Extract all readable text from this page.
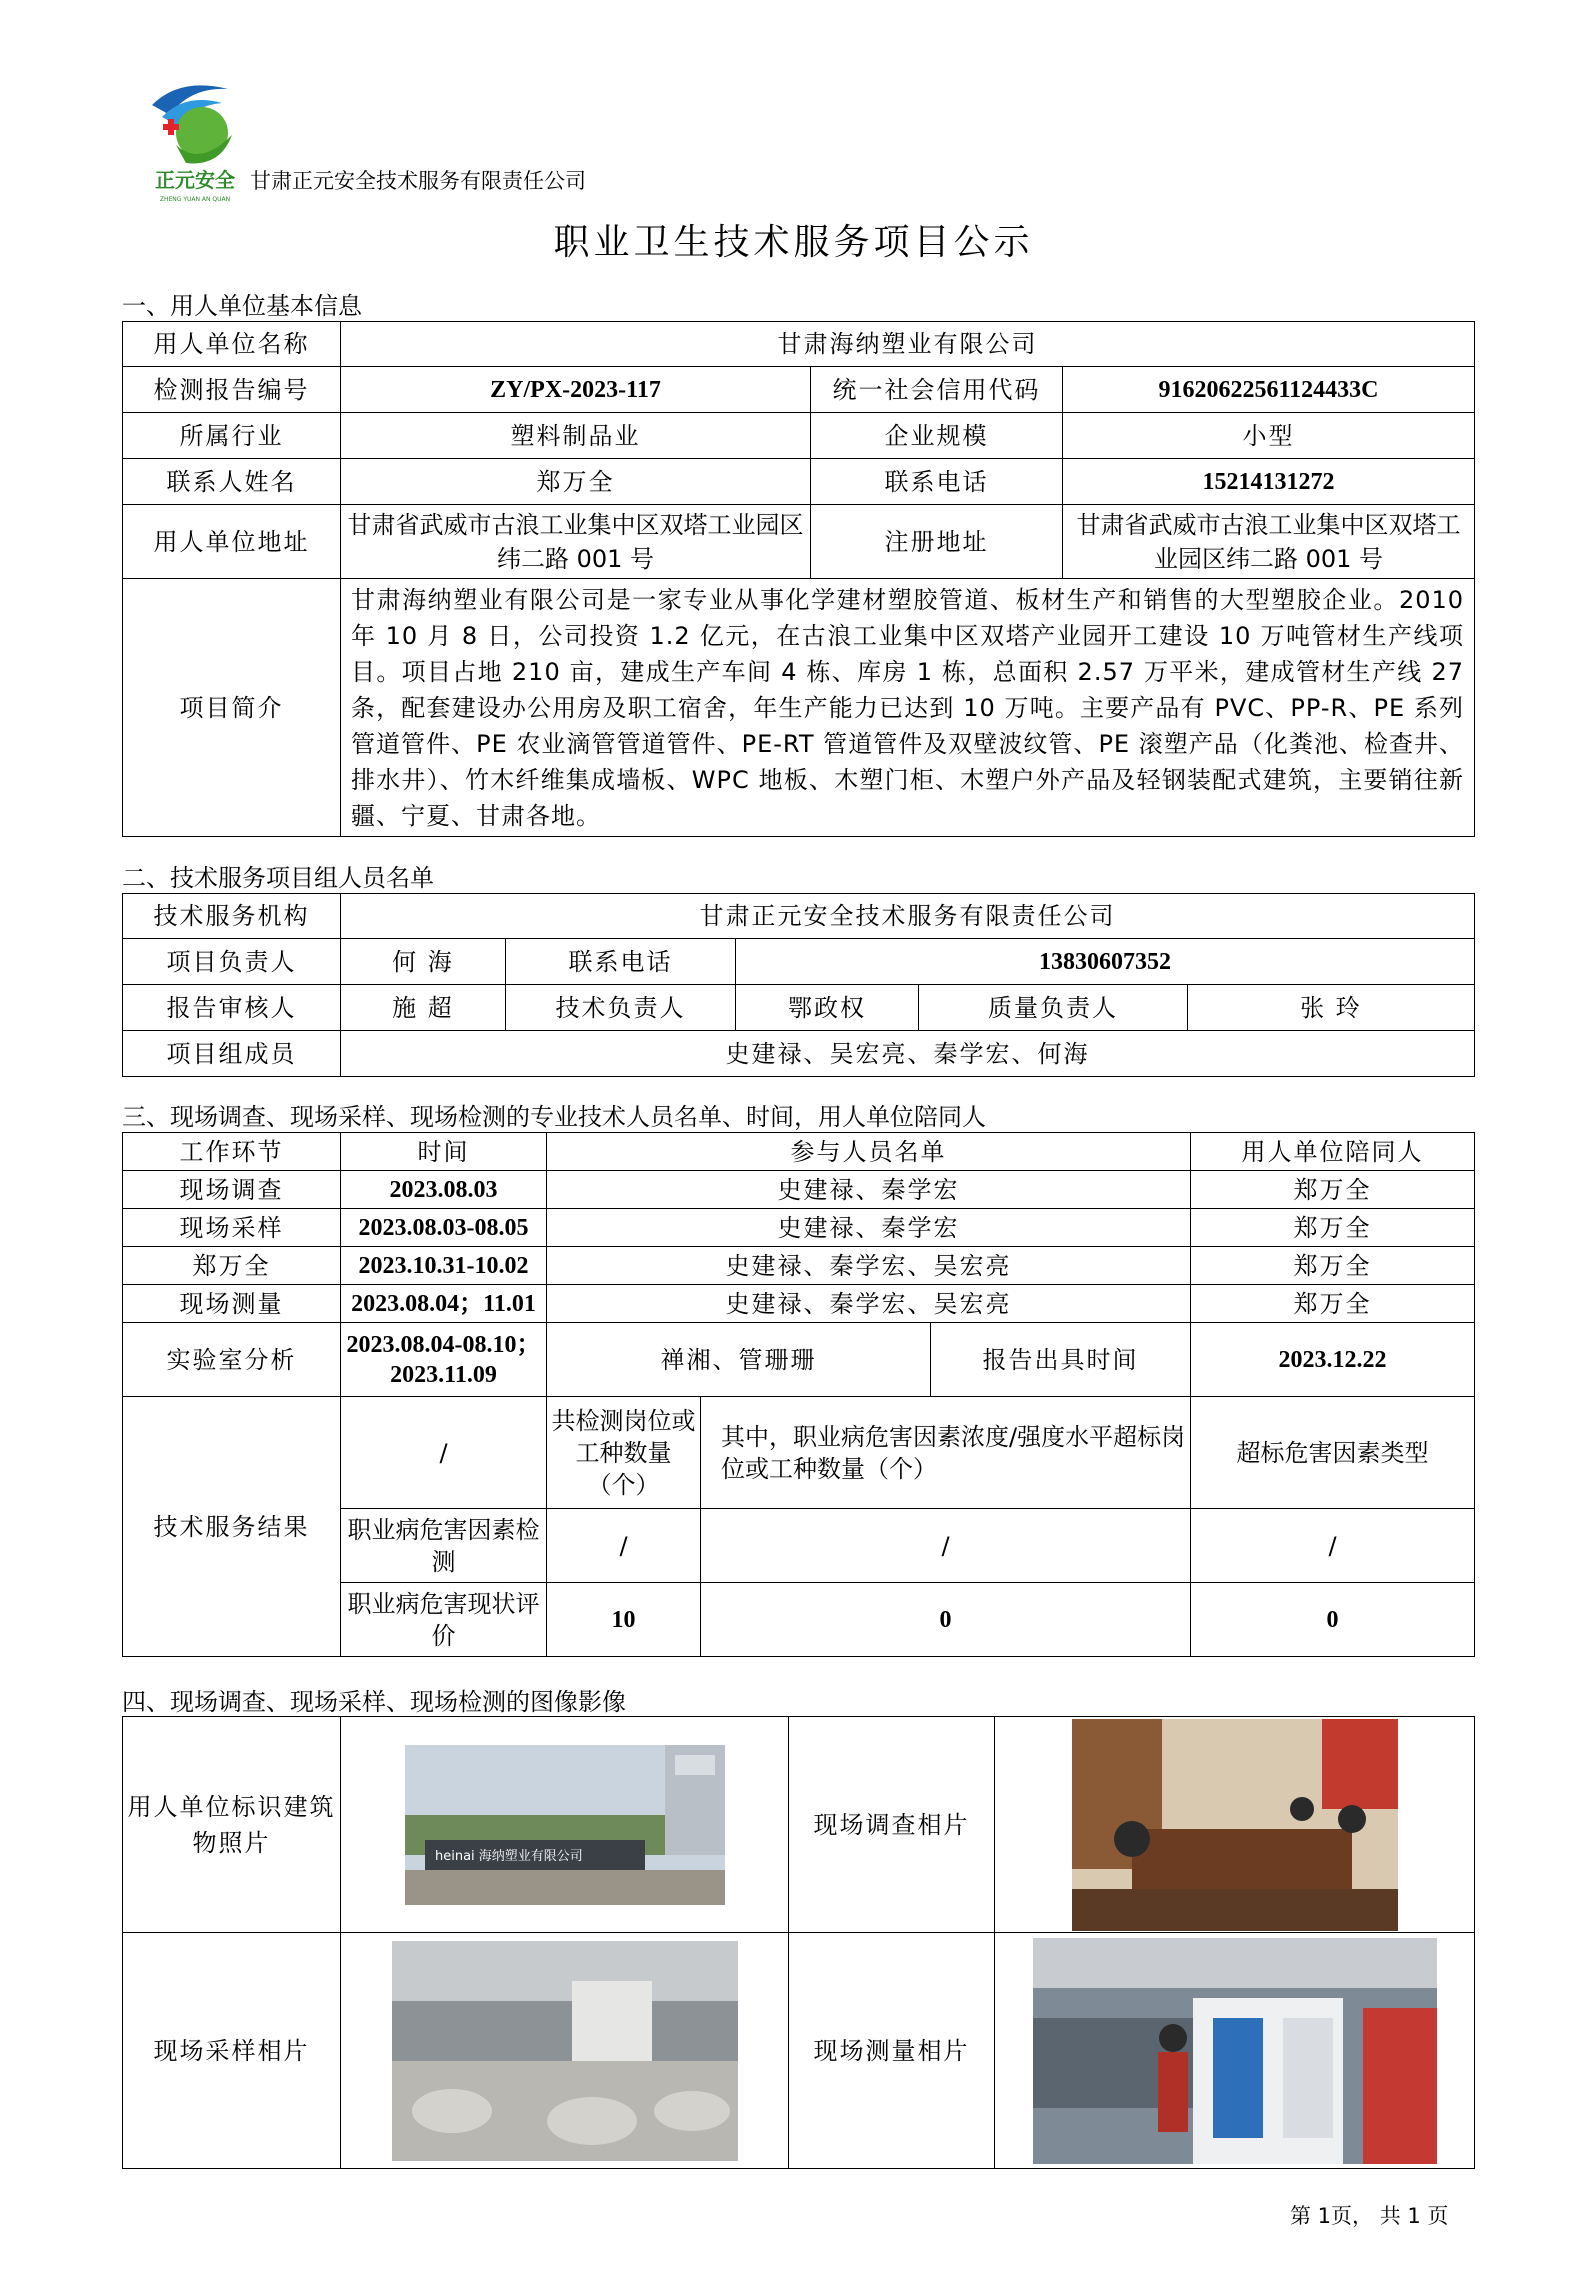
正元安全
ZHENG YUAN AN QUAN
甘肃正元安全技术服务有限责任公司
职业卫生技术服务项目公示
一、用人单位基本信息
用人单位名称	甘肃海纳塑业有限公司		
检测报告编号	ZY/PX-2023-117	统一社会信用代码	91620622561124433C
所属行业	塑料制品业	企业规模	小型
联系人姓名	郑万全	联系电话	15214131272
用人单位地址	甘肃省武威市古浪工业集中区双塔工业园区纬二路 001 号	注册地址	甘肃省武威市古浪工业集中区双塔工业园区纬二路 001 号
项目简介	甘肃海纳塑业有限公司是一家专业从事化学建材塑胶管道、板材生产和销售的大型塑胶企业。2010 年 10 月 8 日，公司投资 1.2 亿元，在古浪工业集中区双塔产业园开工建设 10 万吨管材生产线项目。项目占地 210 亩，建成生产车间 4 栋、库房 1 栋，总面积 2.57 万平米，建成管材生产线 27 条，配套建设办公用房及职工宿舍，年生产能力已达到 10 万吨。主要产品有 PVC、PP-R、PE 系列管道管件、PE 农业滴管管道管件、PE-RT 管道管件及双壁波纹管、PE 滚塑产品（化粪池、检查井、排水井）、竹木纤维集成墙板、WPC 地板、木塑门柜、木塑户外产品及轻钢装配式建筑，主要销往新疆、宁夏、甘肃各地。		
二、技术服务项目组人员名单
技术服务机构	甘肃正元安全技术服务有限责任公司				
项目负责人	何 海	联系电话	13830607352		
报告审核人	施 超	技术负责人	鄂政权	质量负责人	张 玲
项目组成员	史建禄、吴宏亮、秦学宏、何海				
三、现场调查、现场采样、现场检测的专业技术人员名单、时间，用人单位陪同人
工作环节	时间	参与人员名单			用人单位陪同人
现场调查	2023.08.03	史建禄、秦学宏			郑万全
现场采样	2023.08.03-08.05	史建禄、秦学宏			郑万全
郑万全	2023.10.31-10.02	史建禄、秦学宏、吴宏亮			郑万全
现场测量	2023.08.04；11.01	史建禄、秦学宏、吴宏亮			郑万全
实验室分析	2023.08.04-08.10；
2023.11.09	禅湘、管珊珊		报告出具时间	2023.12.22
技术服务结果	/	共检测岗位或工种数量（个）	其中，职业病危害因素浓度/强度水平超标岗位或工种数量（个）		超标危害因素类型
	职业病危害因素检测	/	/		/
	职业病危害现状评价	10	0		0
四、现场调查、现场采样、现场检测的图像影像
用人单位标识建筑物照片	heinai 海纳塑业有限公司	现场调查相片	

现场采样相片		现场测量相片	
第 1页， 共 1 页
